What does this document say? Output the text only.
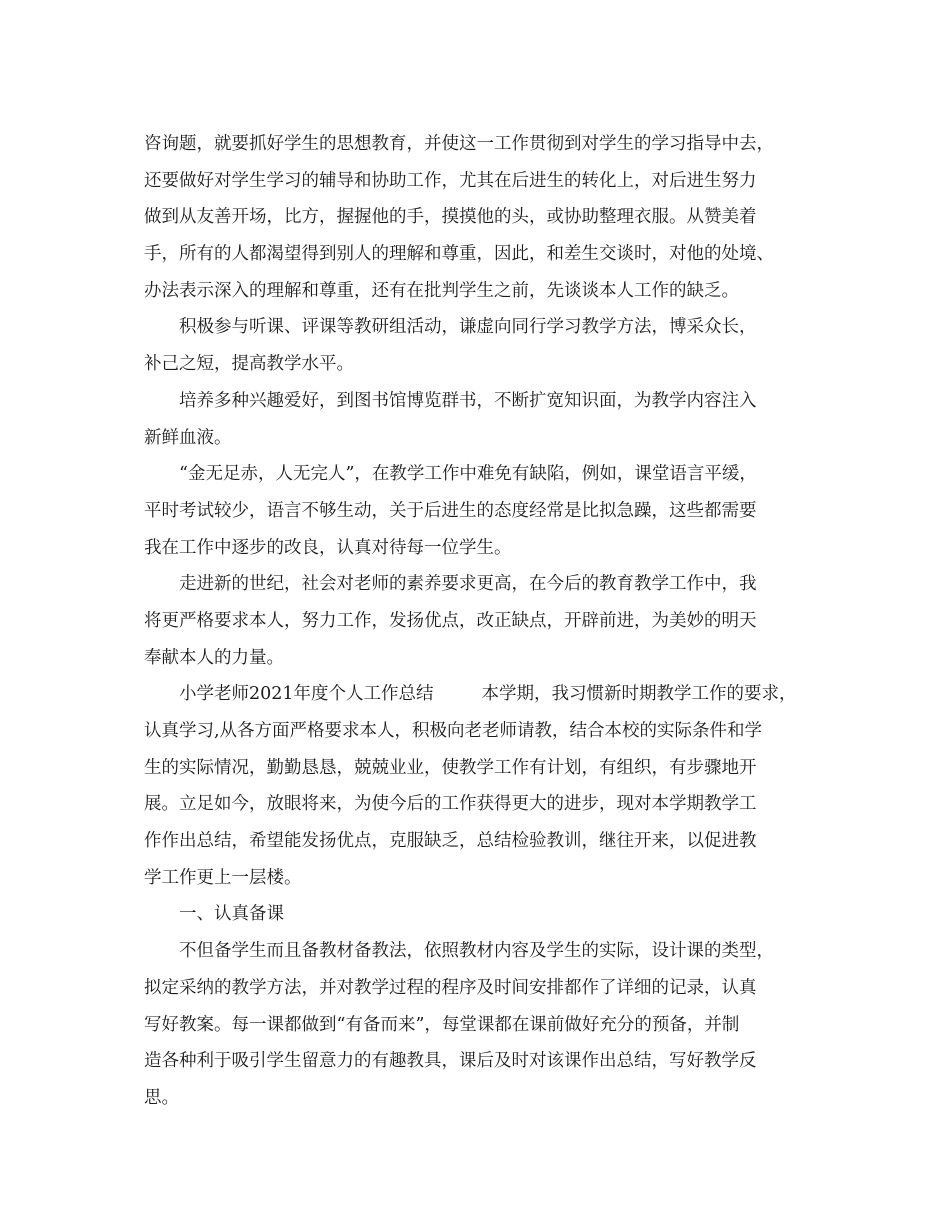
咨询题，就要抓好学生的思想教育，并使这一工作贯彻到对学生的学习指导中去，
还要做好对学生学习的辅导和协助工作，尤其在后进生的转化上，对后进生努力
做到从友善开场，比方，握握他的手，摸摸他的头，或协助整理衣服。从赞美着
手，所有的人都渴望得到别人的理解和尊重，因此，和差生交谈时，对他的处境、
办法表示深入的理解和尊重，还有在批判学生之前，先谈谈本人工作的缺乏。
积极参与听课、评课等教研组活动，谦虚向同行学习教学方法，博采众长，
补己之短，提高教学水平。
培养多种兴趣爱好，到图书馆博览群书，不断扩宽知识面，为教学内容注入
新鲜血液。
“金无足赤，人无完人”，在教学工作中难免有缺陷，例如，课堂语言平缓，
平时考试较少，语言不够生动，关于后进生的态度经常是比拟急躁，这些都需要
我在工作中逐步的改良，认真对待每一位学生。
走进新的世纪，社会对老师的素养要求更高，在今后的教育教学工作中，我
将更严格要求本人，努力工作，发扬优点，改正缺点，开辟前进，为美妙的明天
奉献本人的力量。
小学老师2021年度个人工作总结	本学期，我习惯新时期教学工作的要求，
认真学习,从各方面严格要求本人，积极向老老师请教，结合本校的实际条件和学
生的实际情况，勤勤恳恳，兢兢业业，使教学工作有计划，有组织，有步骤地开
展。立足如今，放眼将来，为使今后的工作获得更大的进步，现对本学期教学工
作作出总结，希望能发扬优点，克服缺乏，总结检验教训，继往开来，以促进教
学工作更上一层楼。
一、认真备课
不但备学生而且备教材备教法，依照教材内容及学生的实际，设计课的类型，
拟定采纳的教学方法，并对教学过程的程序及时间安排都作了详细的记录，认真
写好教案。每一课都做到“有备而来”，每堂课都在课前做好充分的预备，并制
造各种利于吸引学生留意力的有趣教具，课后及时对该课作出总结，写好教学反
思。
